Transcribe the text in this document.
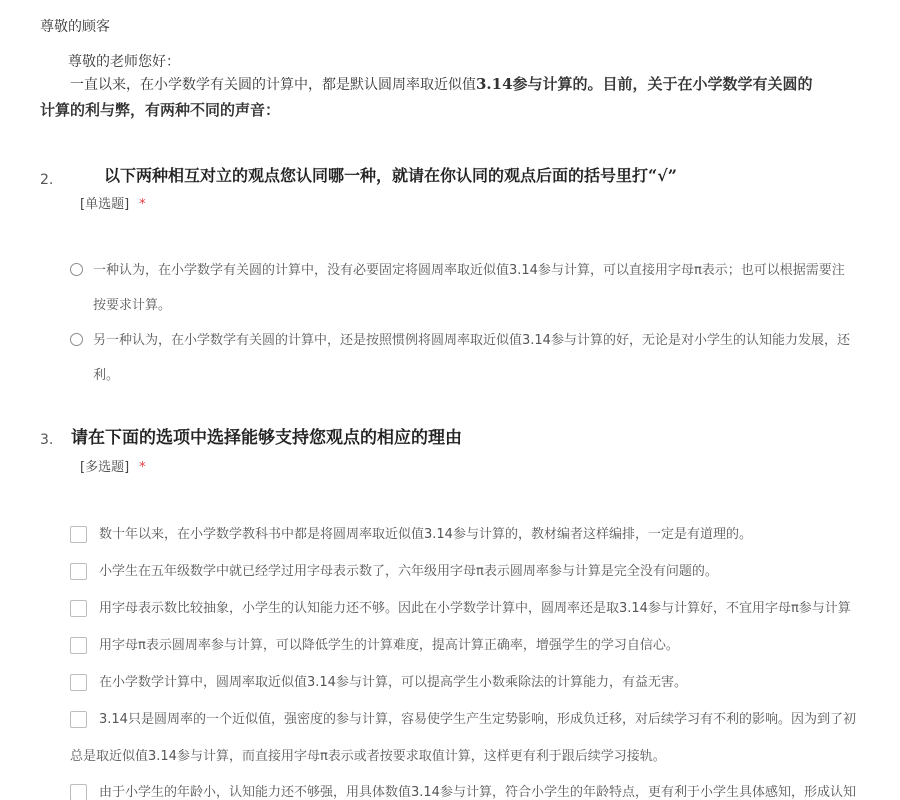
尊敬的顾客
尊敬的老师您好：
一直以来，在小学数学有关圆的计算中，都是默认圆周率取近似值3.14参与计算的。目前，关于在小学数学有关圆的
计算的利与弊，有两种不同的声音：
2.	以下两种相互对立的观点您认同哪一种，就请在你认同的观点后面的括号里打“√”
[单选题] *
一种认为，在小学数学有关圆的计算中，没有必要固定将圆周率取近似值3.14参与计算，可以直接用字母π表示；也可以根据需要注
按要求计算。
另一种认为，在小学数学有关圆的计算中，还是按照惯例将圆周率取近似值3.14参与计算的好，无论是对小学生的认知能力发展，还
利。
3. 请在下面的选项中选择能够支持您观点的相应的理由
[多选题] *
数十年以来，在小学数学教科书中都是将圆周率取近似值3.14参与计算的，教材编者这样编排，一定是有道理的。
小学生在五年级数学中就已经学过用字母表示数了，六年级用字母π表示圆周率参与计算是完全没有问题的。
用字母表示数比较抽象，小学生的认知能力还不够。因此在小学数学计算中，圆周率还是取3.14参与计算好，不宜用字母π参与计算
用字母π表示圆周率参与计算，可以降低学生的计算难度，提高计算正确率，增强学生的学习自信心。
在小学数学计算中，圆周率取近似值3.14参与计算，可以提高学生小数乘除法的计算能力，有益无害。
3.14只是圆周率的一个近似值，强密度的参与计算，容易使学生产生定势影响，形成负迁移，对后续学习有不利的影响。因为到了初
总是取近似值3.14参与计算，而直接用字母π表示或者按要求取值计算，这样更有利于跟后续学习接轨。
由于小学生的年龄小，认知能力还不够强，用具体数值3.14参与计算，符合小学生的年龄特点，更有利于小学生具体感知，形成认知
